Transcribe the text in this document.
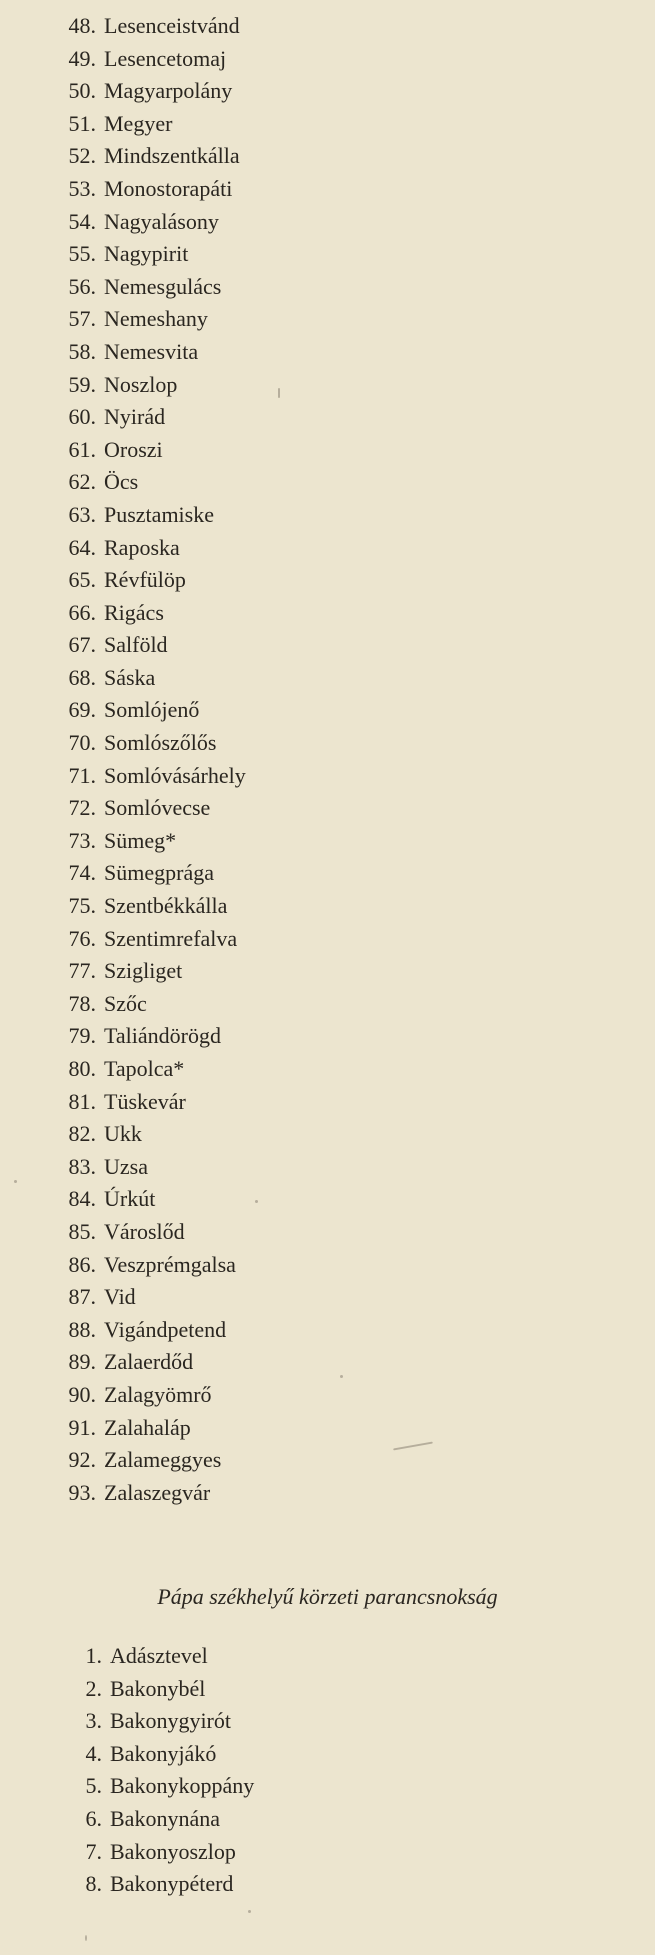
48. Lesenceistvánd
49. Lesencetomaj
50. Magyarpolány
51. Megyer
52. Mindszentkálla
53. Monostorapáti
54. Nagyalásony
55. Nagypirit
56. Nemesgulács
57. Nemeshany
58. Nemesvita
59. Noszlop
60. Nyirád
61. Oroszi
62. Öcs
63. Pusztamiske
64. Raposka
65. Révfülöp
66. Rigács
67. Salföld
68. Sáska
69. Somlójenő
70. Somlószőlős
71. Somlóvásárhely
72. Somlóvecse
73. Sümeg*
74. Sümegprága
75. Szentbékkálla
76. Szentimrefalva
77. Szigliget
78. Szőc
79. Taliándörögd
80. Tapolca*
81. Tüskevár
82. Ukk
83. Uzsa
84. Úrkút
85. Városlőd
86. Veszprémgalsa
87. Vid
88. Vigándpetend
89. Zalaerdőd
90. Zalagyömrő
91. Zalahaláp
92. Zalameggyes
93. Zalaszegvár
Pápa székhelyű körzeti parancsnokság
1. Adásztevel
2. Bakonybél
3. Bakonygyirót
4. Bakonyjákó
5. Bakonykoppány
6. Bakonynána
7. Bakonyoszlop
8. Bakonypéterd
